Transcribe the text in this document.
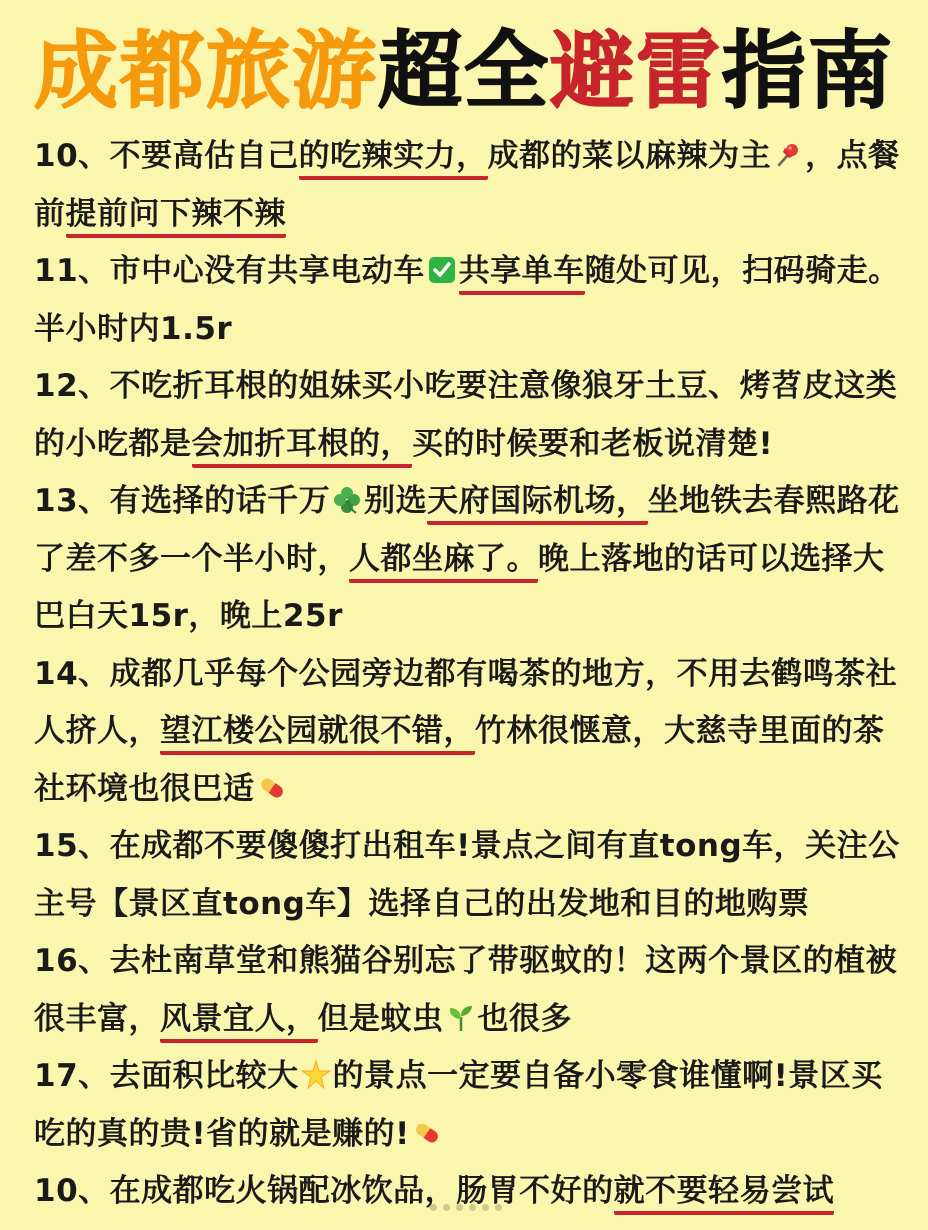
成都旅游超全避雷指南
10、不要高估自己的吃辣实力，成都的菜以麻辣为主 ，点餐前提前问下辣不辣
11、市中心没有共享电动车 共享单车随处可见，扫码骑走。半小时内1.5r
12、不吃折耳根的姐妹买小吃要注意像狼牙土豆、烤苕皮这类的小吃都是会加折耳根的，买的时候要和老板说清楚!
13、有选择的话千万 别选天府国际机场，坐地铁去春熙路花了差不多一个半小时，人都坐麻了。晚上落地的话可以选择大巴白天15r，晚上25r
14、成都几乎每个公园旁边都有喝茶的地方，不用去鹤鸣茶社人挤人，望江楼公园就很不错，竹林很惬意，大慈寺里面的茶社环境也很巴适
15、在成都不要傻傻打出租车!景点之间有直tong车，关注公主号【景区直tong车】选择自己的出发地和目的地购票
16、去杜南草堂和熊猫谷别忘了带驱蚊的！这两个景区的植被很丰富，风景宜人，但是蚊虫 也很多
17、去面积比较大 的景点一定要自备小零食谁懂啊!景区买吃的真的贵!省的就是赚的!
10、在成都吃火锅配冰饮品，肠胃不好的就不要轻易尝试
